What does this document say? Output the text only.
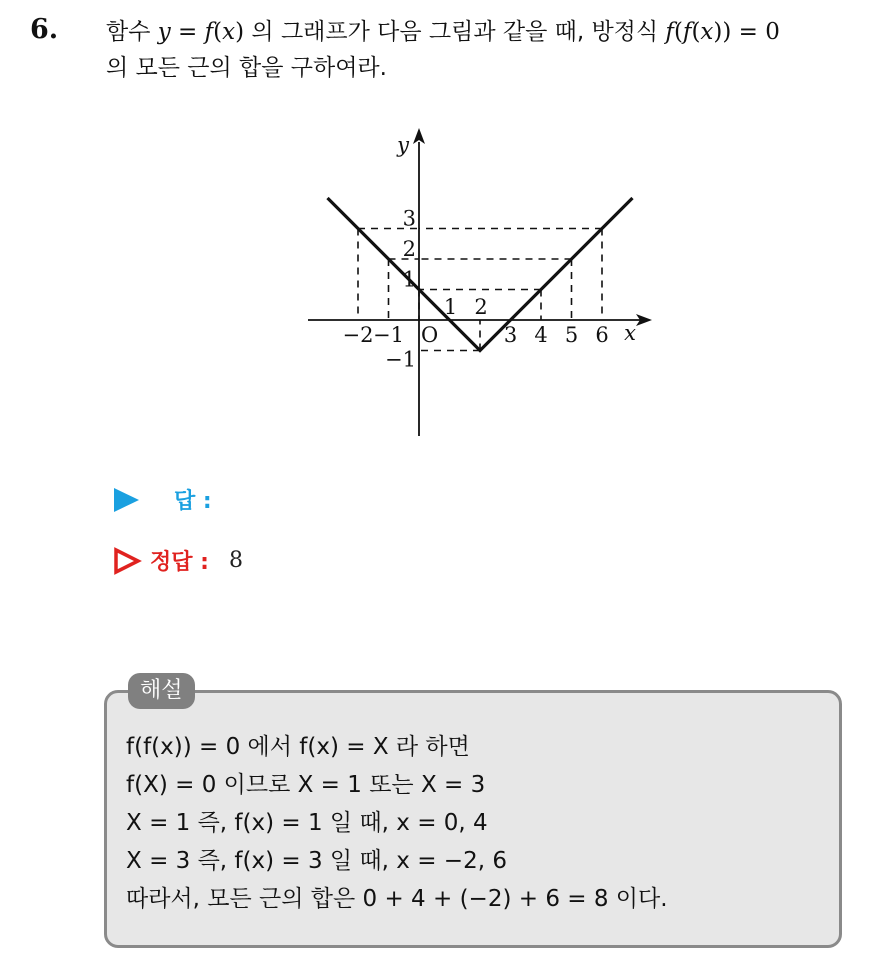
6. 함수 y = f(x) 의 그래프가 다음 그림과 같을 때, 방정식 f(f(x)) = 0
의 모든 근의 합을 구하여라.
−2 −1
1 2
3 4 5 6
3
2
1
−1
O	x
y
답 :
정답 : 8
해설
f(f(x)) = 0 에서 f(x) = X 라 하면
f(X) = 0 이므로 X = 1 또는 X = 3
X = 1 즉, f(x) = 1 일 때, x = 0, 4
X = 3 즉, f(x) = 3 일 때, x = −2, 6
따라서, 모든 근의 합은 0 + 4 + (−2) + 6 = 8 이다.
